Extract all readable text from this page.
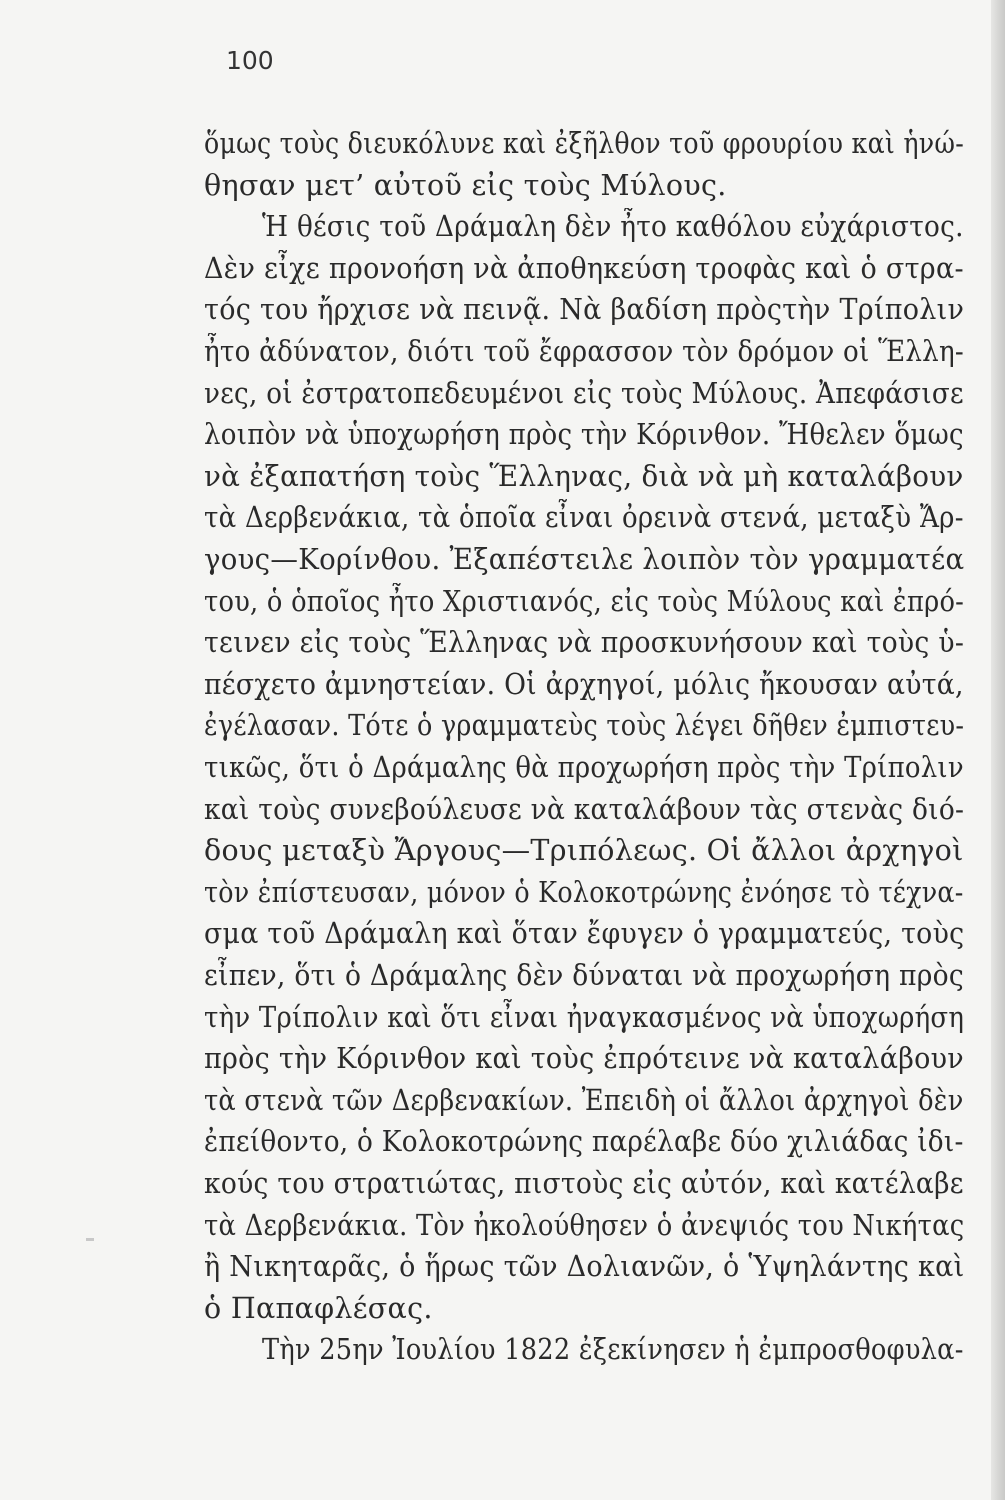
100
ὅμως τοὺς διευκόλυνε καὶ ἐξῆλθον τοῦ φρουρίου καὶ ἡνώ-
θησαν μετ’ αὐτοῦ εἰς τοὺς Μύλους.
Ἡ θέσις τοῦ Δράμαλη δὲν ἦτο καθόλου εὐχάριστος.
Δὲν εἶχε προνοήση νὰ ἀποθηκεύση τροφὰς καὶ ὁ στρα-
τός του ἤρχισε νὰ πεινᾷ. Νὰ βαδίση πρὸςτὴν Τρίπολιν
ἦτο ἀδύνατον, διότι τοῦ ἔφρασσον τὸν δρόμον οἱ Ἕλλη-
νες, οἱ ἐστρατοπεδευμένοι εἰς τοὺς Μύλους. Ἀπεφάσισε
λοιπὸν νὰ ὑποχωρήση πρὸς τὴν Κόρινθον. Ἤθελεν ὅμως
νὰ ἐξαπατήση τοὺς Ἕλληνας, διὰ νὰ μὴ καταλάβουν
τὰ Δερβενάκια, τὰ ὁποῖα εἶναι ὀρεινὰ στενά, μεταξὺ Ἄρ-
γους—Κορίνθου. Ἐξαπέστειλε λοιπὸν τὸν γραμματέα
του, ὁ ὁποῖος ἦτο Χριστιανός, εἰς τοὺς Μύλους καὶ ἐπρό-
τεινεν εἰς τοὺς Ἕλληνας νὰ προσκυνήσουν καὶ τοὺς ὑ-
πέσχετο ἀμνηστείαν. Οἱ ἀρχηγοί, μόλις ἤκουσαν αὐτά,
ἐγέλασαν. Τότε ὁ γραμματεὺς τοὺς λέγει δῆθεν ἐμπιστευ-
τικῶς, ὅτι ὁ Δράμαλης θὰ προχωρήση πρὸς τὴν Τρίπολιν
καὶ τοὺς συνεβούλευσε νὰ καταλάβουν τὰς στενὰς διό-
δους μεταξὺ Ἄργους—Τριπόλεως. Οἱ ἄλλοι ἀρχηγοὶ
τὸν ἐπίστευσαν, μόνον ὁ Κολοκοτρώνης ἐνόησε τὸ τέχνα-
σμα τοῦ Δράμαλη καὶ ὅταν ἔφυγεν ὁ γραμματεύς, τοὺς
εἶπεν, ὅτι ὁ Δράμαλης δὲν δύναται νὰ προχωρήση πρὸς
τὴν Τρίπολιν καὶ ὅτι εἶναι ἠναγκασμένος νὰ ὑποχωρήση
πρὸς τὴν Κόρινθον καὶ τοὺς ἐπρότεινε νὰ καταλάβουν
τὰ στενὰ τῶν Δερβενακίων. Ἐπειδὴ οἱ ἄλλοι ἀρχηγοὶ δὲν
ἐπείθοντο, ὁ Κολοκοτρώνης παρέλαβε δύο χιλιάδας ἰδι-
κούς του στρατιώτας, πιστοὺς εἰς αὐτόν, καὶ κατέλαβε
τὰ Δερβενάκια. Τὸν ἠκολούθησεν ὁ ἀνεψιός του Νικήτας
ἢ Νικηταρᾶς, ὁ ἥρως τῶν Δολιανῶν, ὁ Ὑψηλάντης καὶ
ὁ Παπαφλέσας.
Τὴν 25ην Ἰουλίου 1822 ἐξεκίνησεν ἡ ἐμπροσθοφυλα-
